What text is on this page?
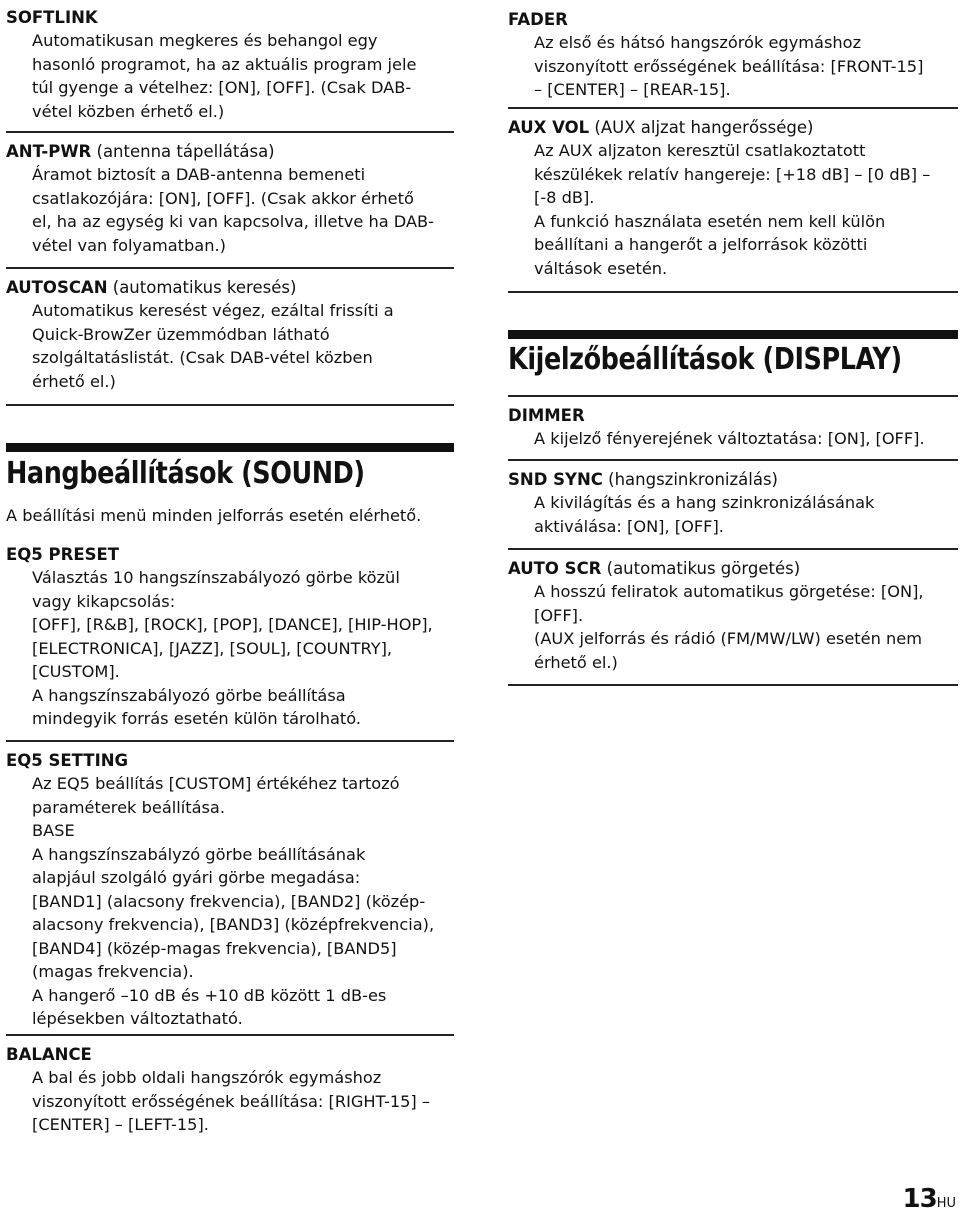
SOFTLINK
Automatikusan megkeres és behangol egy
hasonló programot, ha az aktuális program jele
túl gyenge a vételhez: [ON], [OFF]. (Csak DAB-
vétel közben érhető el.)
ANT-PWR (antenna tápellátása)
Áramot biztosít a DAB-antenna bemeneti
csatlakozójára: [ON], [OFF]. (Csak akkor érhető
el, ha az egység ki van kapcsolva, illetve ha DAB-
vétel van folyamatban.)
AUTOSCAN (automatikus keresés)
Automatikus keresést végez, ezáltal frissíti a
Quick-BrowZer üzemmódban látható
szolgáltatáslistát. (Csak DAB-vétel közben
érhető el.)
Hangbeállítások (SOUND)
A beállítási menü minden jelforrás esetén elérhető.
EQ5 PRESET
Választás 10 hangszínszabályozó görbe közül
vagy kikapcsolás:
[OFF], [R&B], [ROCK], [POP], [DANCE], [HIP-HOP],
[ELECTRONICA], [JAZZ], [SOUL], [COUNTRY],
[CUSTOM].
A hangszínszabályozó görbe beállítása
mindegyik forrás esetén külön tárolható.
EQ5 SETTING
Az EQ5 beállítás [CUSTOM] értékéhez tartozó
paraméterek beállítása.
BASE
A hangszínszabályzó görbe beállításának
alapjául szolgáló gyári görbe megadása:
[BAND1] (alacsony frekvencia), [BAND2] (közép-
alacsony frekvencia), [BAND3] (középfrekvencia),
[BAND4] (közép-magas frekvencia), [BAND5]
(magas frekvencia).
A hangerő –10 dB és +10 dB között 1 dB-es
lépésekben változtatható.
BALANCE
A bal és jobb oldali hangszórók egymáshoz
viszonyított erősségének beállítása: [RIGHT-15] –
[CENTER] – [LEFT-15].
FADER
Az első és hátsó hangszórók egymáshoz
viszonyított erősségének beállítása: [FRONT-15]
– [CENTER] – [REAR-15].
AUX VOL (AUX aljzat hangerőssége)
Az AUX aljzaton keresztül csatlakoztatott
készülékek relatív hangereje: [+18 dB] – [0 dB] –
[-8 dB].
A funkció használata esetén nem kell külön
beállítani a hangerőt a jelforrások közötti
váltások esetén.
Kijelzőbeállítások (DISPLAY)
DIMMER
A kijelző fényerejének változtatása: [ON], [OFF].
SND SYNC (hangszinkronizálás)
A kivilágítás és a hang szinkronizálásának
aktiválása: [ON], [OFF].
AUTO SCR (automatikus görgetés)
A hosszú feliratok automatikus görgetése: [ON],
[OFF].
(AUX jelforrás és rádió (FM/MW/LW) esetén nem
érhető el.)
13HU
